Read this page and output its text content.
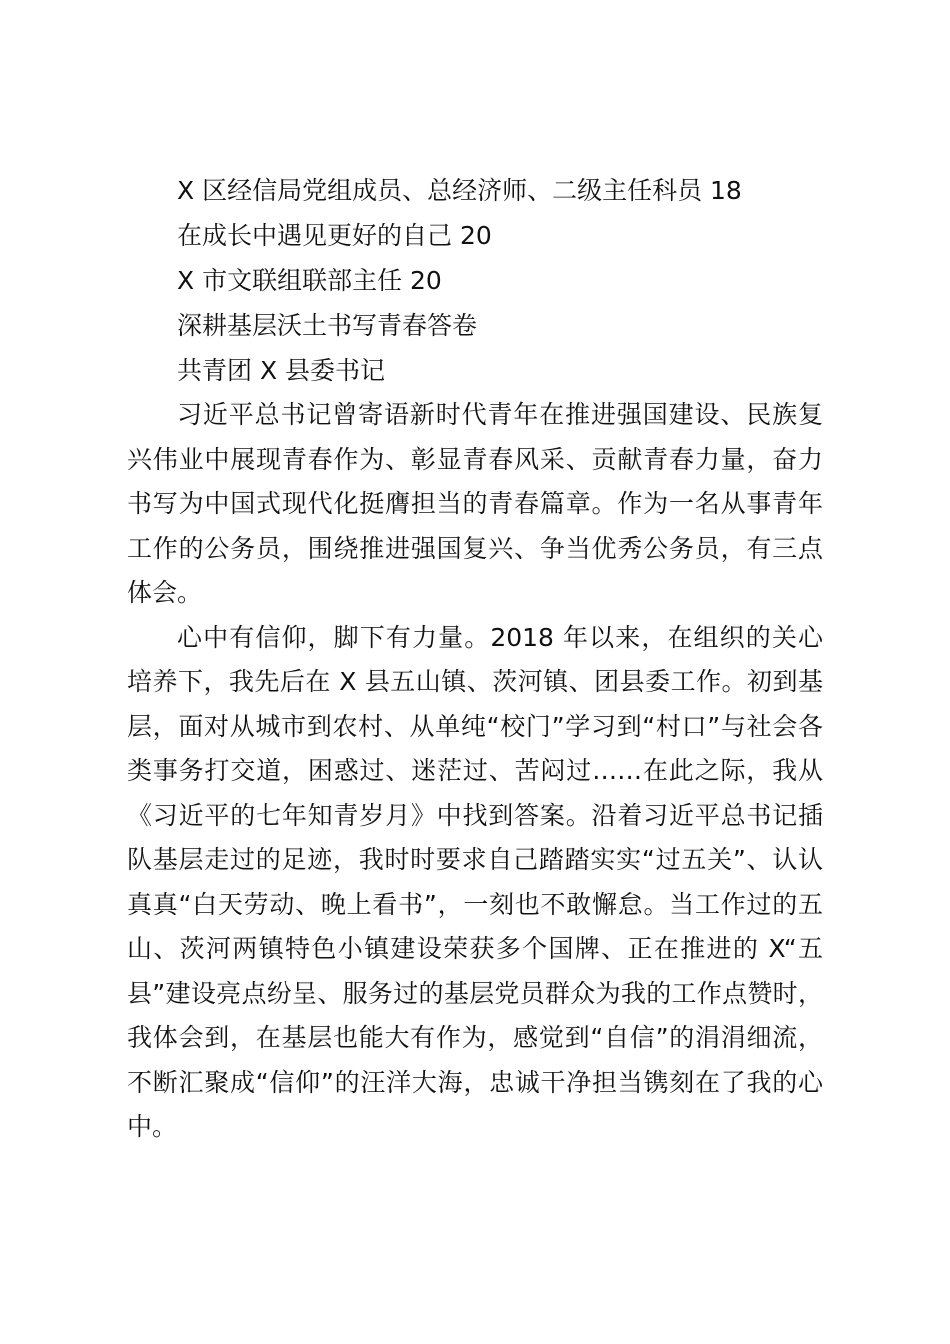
X 区经信局党组成员、总经济师、二级主任科员 18

在成长中遇见更好的自己 20

X 市文联组联部主任 20

深耕基层沃土书写青春答卷

共青团 X 县委书记

习近平总书记曾寄语新时代青年在推进强国建设、民族复兴伟业中展现青春作为、彰显青春风采、贡献青春力量，奋力书写为中国式现代化挺膺担当的青春篇章。作为一名从事青年工作的公务员，围绕推进强国复兴、争当优秀公务员，有三点体会。

心中有信仰，脚下有力量。2018 年以来，在组织的关心培养下，我先后在 X 县五山镇、茨河镇、团县委工作。初到基层，面对从城市到农村、从单纯“校门”学习到“村口”与社会各类事务打交道，困惑过、迷茫过、苦闷过……在此之际，我从《习近平的七年知青岁月》中找到答案。沿着习近平总书记插队基层走过的足迹，我时时要求自己踏踏实实“过五关”、认认真真“白天劳动、晚上看书”，一刻也不敢懈怠。当工作过的五山、茨河两镇特色小镇建设荣获多个国牌、正在推进的 X“五县”建设亮点纷呈、服务过的基层党员群众为我的工作点赞时，我体会到，在基层也能大有作为，感觉到“自信”的涓涓细流，不断汇聚成“信仰”的汪洋大海，忠诚干净担当镌刻在了我的心中。
